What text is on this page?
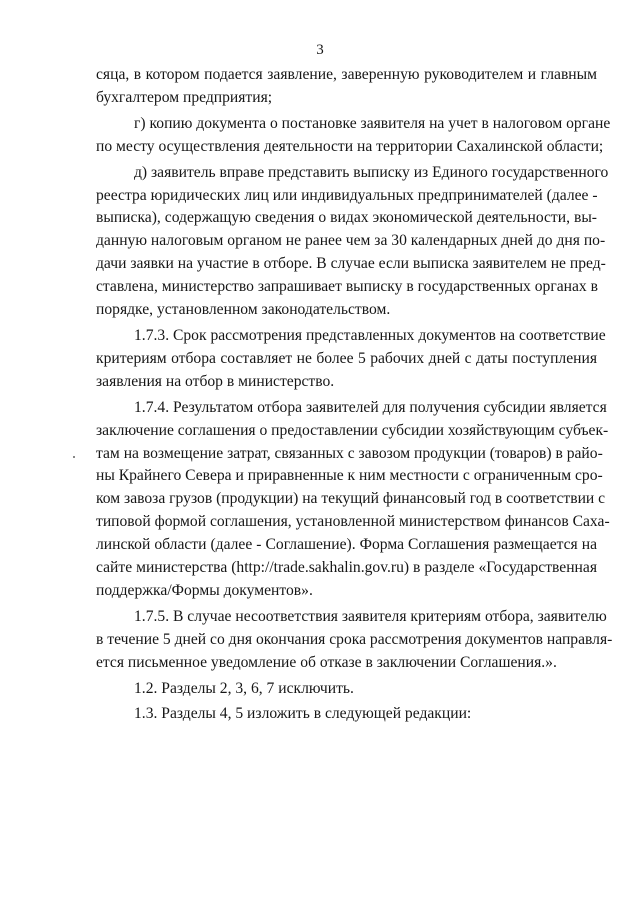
3
сяца, в котором подается заявление, заверенную руководителем и главным
бухгалтером предприятия;
г) копию документа о постановке заявителя на учет в налоговом органе
по месту осуществления деятельности на территории Сахалинской области;
д) заявитель вправе представить выписку из Единого государственного
реестра юридических лиц или индивидуальных предпринимателей (далее -
выписка), содержащую сведения о видах экономической деятельности, вы-
данную налоговым органом не ранее чем за 30 календарных дней до дня по-
дачи заявки на участие в отборе. В случае если выписка заявителем не пред-
ставлена, министерство запрашивает выписку в государственных органах в
порядке, установленном законодательством.
1.7.3. Срок рассмотрения представленных документов на соответствие
критериям отбора составляет не более 5 рабочих дней с даты поступления
заявления на отбор в министерство.
1.7.4. Результатом отбора заявителей для получения субсидии является
заключение соглашения о предоставлении субсидии хозяйствующим субъек-
там на возмещение затрат, связанных с завозом продукции (товаров) в райо-
ны Крайнего Севера и приравненные к ним местности с ограниченным сро-
ком завоза грузов (продукции) на текущий финансовый год в соответствии с
типовой формой соглашения, установленной министерством финансов Саха-
линской области (далее - Соглашение). Форма Соглашения размещается на
сайте министерства (http://trade.sakhalin.gov.ru) в разделе «Государственная
поддержка/Формы документов».
1.7.5. В случае несоответствия заявителя критериям отбора, заявителю
в течение 5 дней со дня окончания срока рассмотрения документов направля-
ется письменное уведомление об отказе в заключении Соглашения.».
1.2. Разделы 2, 3, 6, 7 исключить.
1.3. Разделы 4, 5 изложить в следующей редакции:
